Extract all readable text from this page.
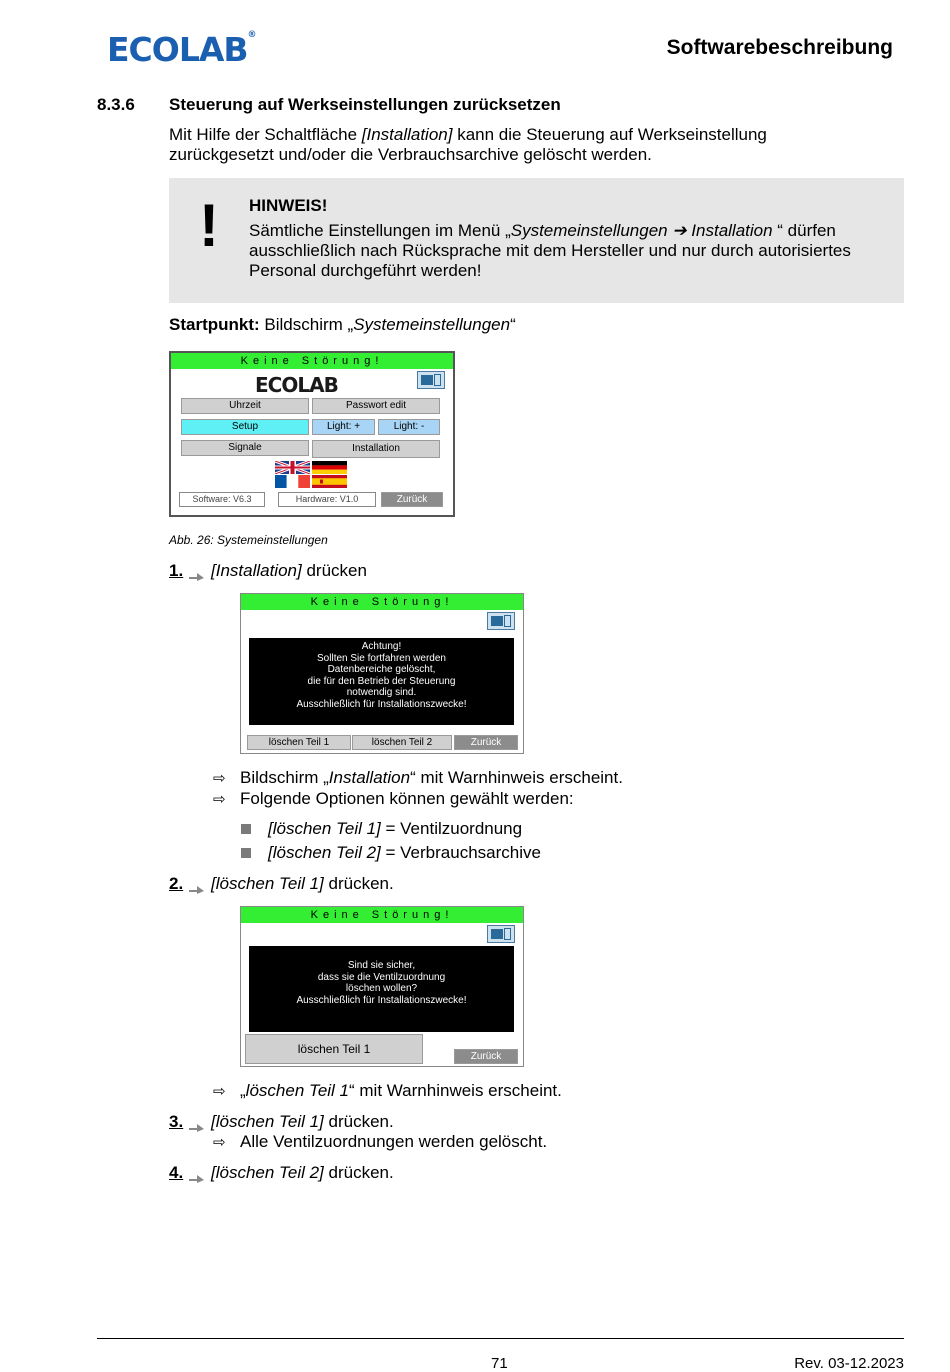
ECOLAB®
Softwarebeschreibung
8.3.6 Steuerung auf Werkseinstellungen zurücksetzen
Mit Hilfe der Schaltfläche [Installation] kann die Steuerung auf Werkseinstellung zurückgesetzt und/oder die Verbrauchsarchive gelöscht werden.
! HINWEIS!
Sämtliche Einstellungen im Menü „Systemeinstellungen ➔ Installation “ dürfen ausschließlich nach Rücksprache mit dem Hersteller und nur durch autorisiertes Personal durchgeführt werden!
Startpunkt: Bildschirm „Systemeinstellungen“
Keine Störung!
ECOLAB
Uhrzeit	Passwort edit
Setup	Light: +	Light: -
Signale	Installation
Software: V6.3	Hardware: V1.0	Zurück
Abb. 26: Systemeinstellungen
1. [Installation] drücken
Keine Störung!
Achtung!
Sollten Sie fortfahren werden
Datenbereiche gelöscht,
die für den Betrieb der Steuerung
notwendig sind.
Ausschließlich für Installationszwecke!
löschen Teil 1	löschen Teil 2	Zurück
⇨ Bildschirm „Installation“ mit Warnhinweis erscheint.
⇨ Folgende Optionen können gewählt werden:
[löschen Teil 1] = Ventilzuordnung
[löschen Teil 2] = Verbrauchsarchive
2. [löschen Teil 1] drücken.
Keine Störung!
Sind sie sicher,
dass sie die Ventilzuordnung
löschen wollen?
Ausschließlich für Installationszwecke!
löschen Teil 1
Zurück
⇨ „löschen Teil 1“ mit Warnhinweis erscheint.
3. [löschen Teil 1] drücken.
⇨ Alle Ventilzuordnungen werden gelöscht.
4. [löschen Teil 2] drücken.
71	Rev. 03-12.2023
